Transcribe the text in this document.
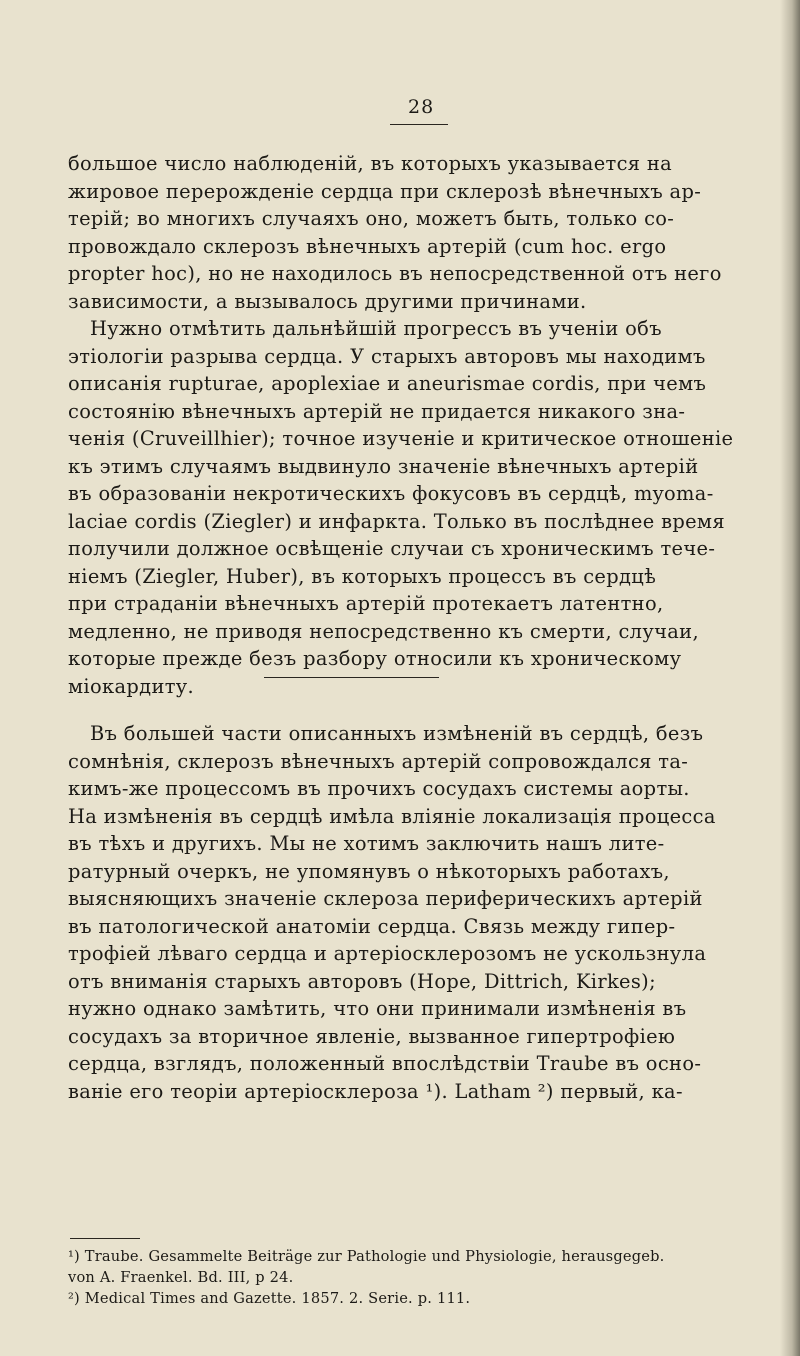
28
большое число наблюденій, въ которыхъ указывается на
жировое перерожденіе сердца при склерозѣ вѣнечныхъ ар-
терій; во многихъ случаяхъ оно, можетъ быть, только со-
провождало склерозъ вѣнечныхъ артерій (cum hoc. ergo
propter hoc), но не находилось въ непосредственной отъ него
зависимости, а вызывалось другими причинами.
Нужно отмѣтить дальнѣйшій прогрессъ въ ученіи объ
этіологіи разрыва сердца. У старыхъ авторовъ мы находимъ
описанія rupturae, apoplexiae и aneurismae cordis, при чемъ
состоянію вѣнечныхъ артерій не придается никакого зна-
ченія (Cruveillhier); точное изученіе и критическое отношеніе
къ этимъ случаямъ выдвинуло значеніе вѣнечныхъ артерій
въ образованіи некротическихъ фокусовъ въ сердцѣ, myoma-
laciae cordis (Ziegler) и инфаркта. Только въ послѣднее время
получили должное освѣщеніе случаи съ хроническимъ тече-
ніемъ (Ziegler, Huber), въ которыхъ процессъ въ сердцѣ
при страданіи вѣнечныхъ артерій протекаетъ латентно,
медленно, не приводя непосредственно къ смерти, случаи,
которые прежде безъ разбору относили къ хроническому
міокардиту.
Въ большей части описанныхъ измѣненій въ сердцѣ, безъ
сомнѣнія, склерозъ вѣнечныхъ артерій сопровождался та-
кимъ-же процессомъ въ прочихъ сосудахъ системы аорты.
На измѣненія въ сердцѣ имѣла вліяніе локализація процесса
въ тѣхъ и другихъ. Мы не хотимъ заключить нашъ лите-
ратурный очеркъ, не упомянувъ о нѣкоторыхъ работахъ,
выясняющихъ значеніе склероза периферическихъ артерій
въ патологической анатоміи сердца. Связь между гипер-
трофіей лѣваго сердца и артеріосклерозомъ не ускользнула
отъ вниманія старыхъ авторовъ (Hope, Dittrich, Kirkes);
нужно однако замѣтить, что они принимали измѣненія въ
сосудахъ за вторичное явленіе, вызванное гипертрофіею
сердца, взглядъ, положенный впослѣдствіи Traube въ осно-
ваніе его теоріи артеріосклероза ¹). Latham ²) первый, ка-
¹) Traube. Gesammelte Beiträge zur Pathologie und Physiologie, herausgegeb.
von A. Fraenkel. Bd. III, p 24.
²) Medical Times and Gazette. 1857. 2. Serie. p. 111.
